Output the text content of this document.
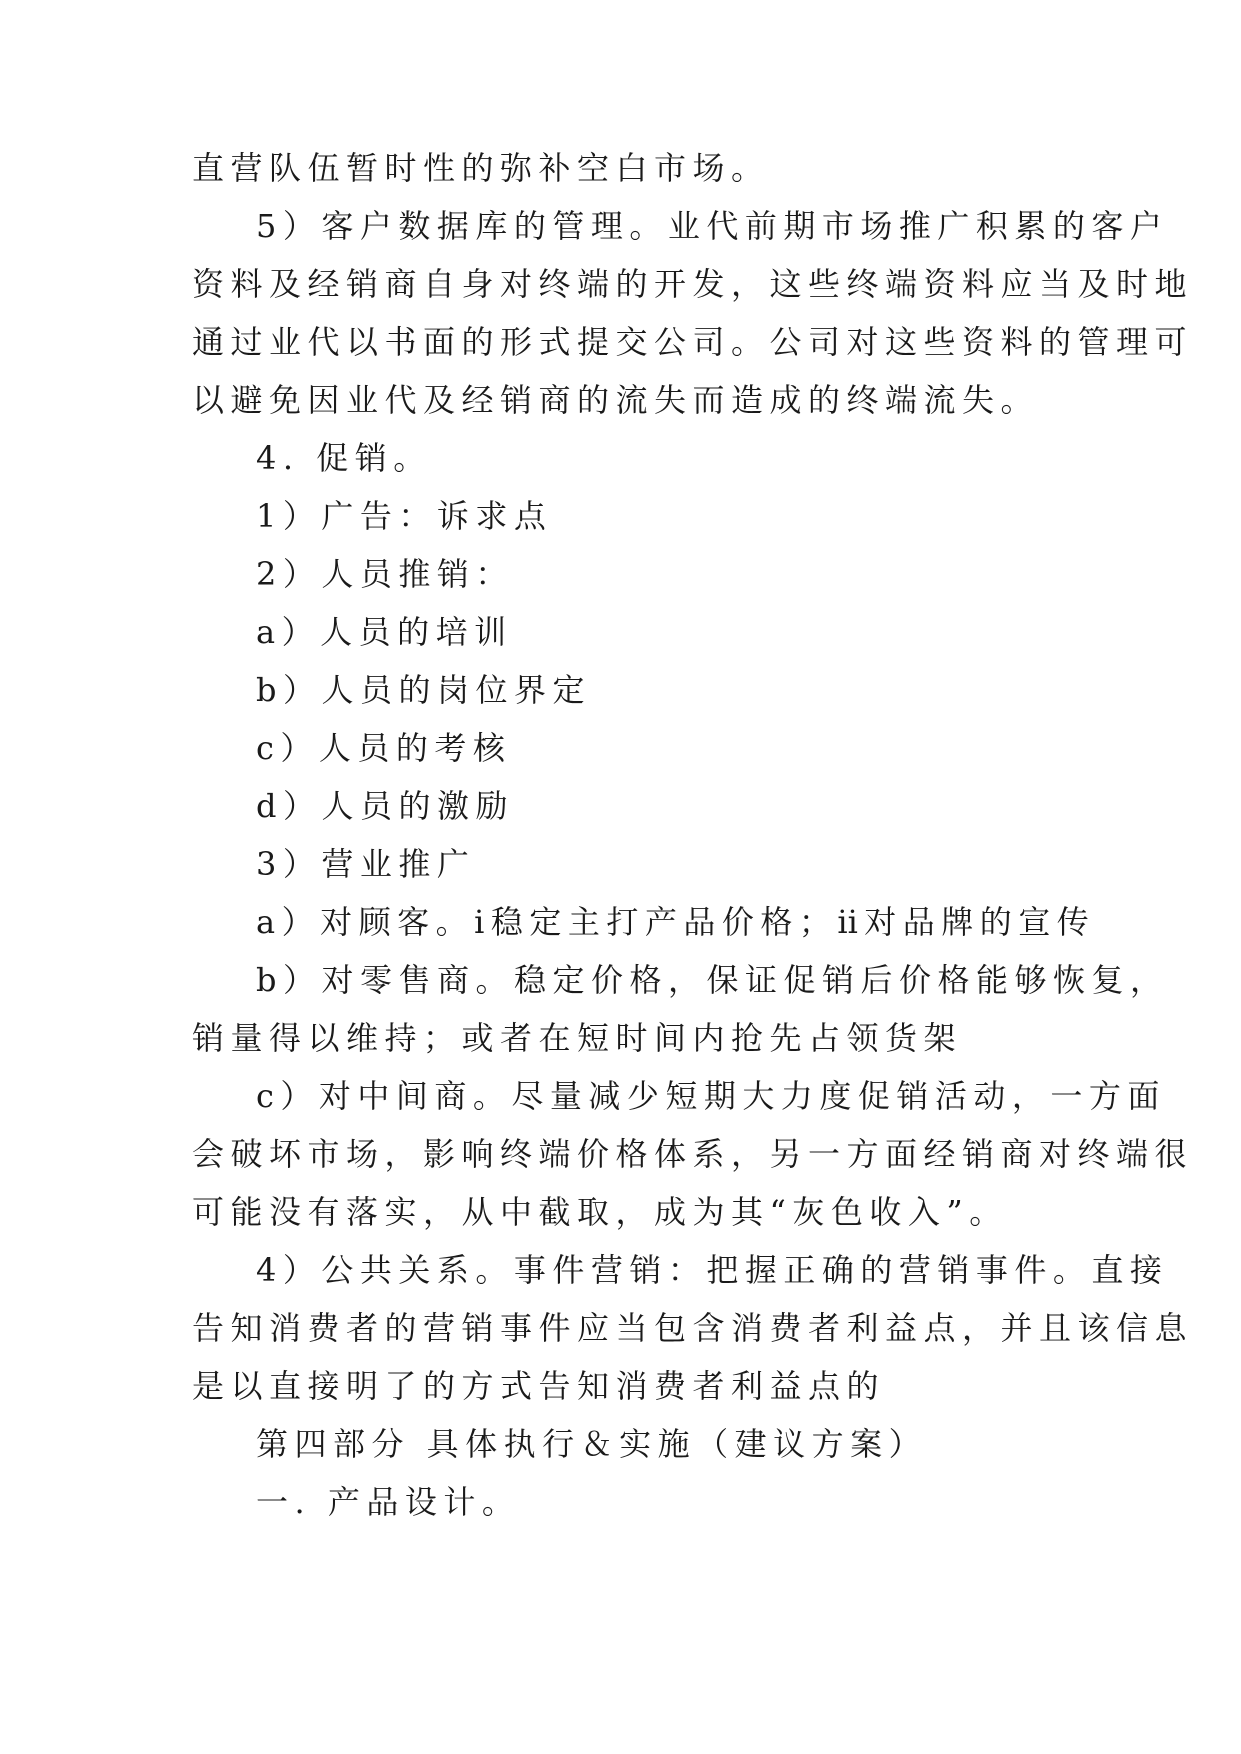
直营队伍暂时性的弥补空白市场。
5）客户数据库的管理。业代前期市场推广积累的客户
资料及经销商自身对终端的开发，这些终端资料应当及时地
通过业代以书面的形式提交公司。公司对这些资料的管理可
以避免因业代及经销商的流失而造成的终端流失。
4. 促销。
1）广告：诉求点
2）人员推销：
a）人员的培训
b）人员的岗位界定
c）人员的考核
d）人员的激励
3）营业推广
a）对顾客。ⅰ稳定主打产品价格；ⅱ对品牌的宣传
b）对零售商。稳定价格，保证促销后价格能够恢复，
销量得以维持；或者在短时间内抢先占领货架
c）对中间商。尽量减少短期大力度促销活动，一方面
会破坏市场，影响终端价格体系，另一方面经销商对终端很
可能没有落实，从中截取，成为其“灰色收入”。
4）公共关系。事件营销：把握正确的营销事件。直接
告知消费者的营销事件应当包含消费者利益点，并且该信息
是以直接明了的方式告知消费者利益点的
第四部分 具体执行＆实施（建议方案）
一. 产品设计。
